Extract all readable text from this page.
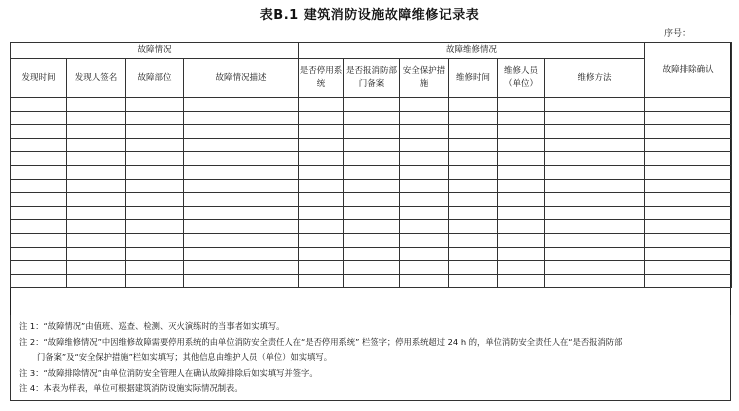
表B.1 建筑消防设施故障维修记录表
序号：
故障情况				故障维修情况						故障排除确认
发现时间	发现人签名	故障部位	故障情况描述	是否停用系统	是否报消防部门备案	安全保护措施	维修时间	维修人员（单位）	维修方法	

注 1：“故障情况”由值班、巡查、检测、灭火演练时的当事者如实填写。
注 2：“故障维修情况”中因维修故障需要停用系统的由单位消防安全责任人在“是否停用系统” 栏签字；停用系统超过 24 h 的，单位消防安全责任人在“是否报消防部
门备案”及“安全保护措施”栏如实填写；其他信息由维护人员（单位）如实填写。
注 3：“故障排除情况”由单位消防安全管理人在确认故障排除后如实填写并签字。
注 4：本表为样表，单位可根据建筑消防设施实际情况制表。
